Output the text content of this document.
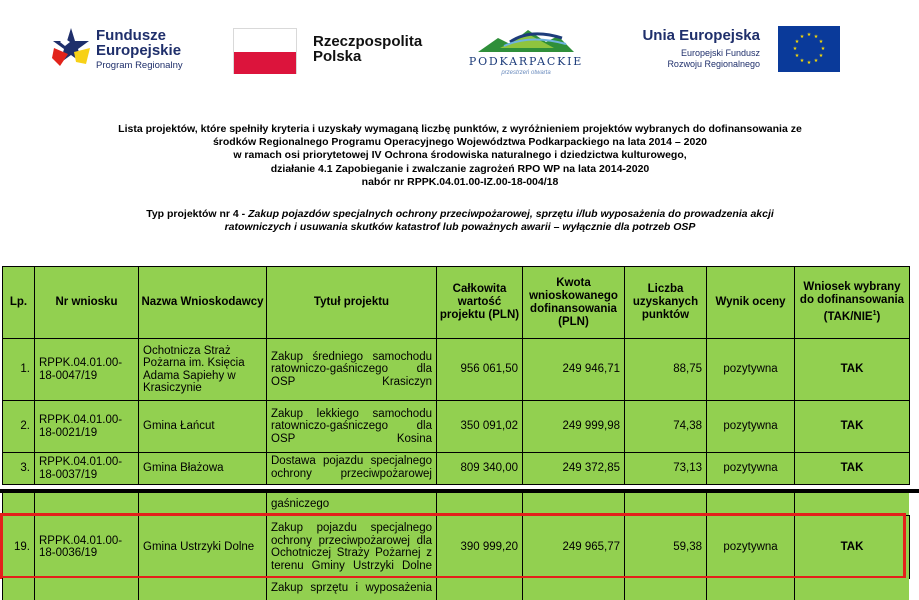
Fundusze
Europejskie
Program Regionalny
Rzeczpospolita
Polska	PODKARPACKIE
przestrzeń otwarta
Unia Europejska
Europejski Fundusz
Rozwoju Regionalnego
★ ★
★
★
★
★
★
★
★
★
★
★
Lista projektów, które spełniły kryteria i uzyskały wymaganą liczbę punktów, z wyróżnieniem projektów wybranych do dofinansowania ze
środków Regionalnego Programu Operacyjnego Województwa Podkarpackiego na lata 2014 – 2020
w ramach osi priorytetowej IV Ochrona środowiska naturalnego i dziedzictwa kulturowego,
działanie 4.1 Zapobieganie i zwalczanie zagrożeń RPO WP na lata 2014-2020
nabór nr RPPK.04.01.00-IZ.00-18-004/18
Typ projektów nr 4 - Zakup pojazdów specjalnych ochrony przeciwpożarowej, sprzętu i/lub wyposażenia do prowadzenia akcji
ratowniczych i usuwania skutków katastrof lub poważnych awarii – wyłącznie dla potrzeb OSP
Lp.	Nr wniosku	Nazwa Wnioskodawcy	Tytuł projektu	Całkowita wartość projektu (PLN)	Kwota wnioskowanego dofinansowania (PLN)	Liczba uzyskanych punktów	Wynik oceny	Wniosek wybrany do dofinansowania (TAK/NIE$^1$)
1.	RPPK.04.01.00-18-0047/19	Ochotnicza Straż Pożarna im. Księcia Adama Sapiehy w Krasiczynie	Zakup średniego samochodu ratowniczo-gaśniczego dla OSP Krasiczyn	956 061,50	249 946,71	88,75	pozytywna	TAK
2.	RPPK.04.01.00-18-0021/19	Gmina Łańcut	Zakup lekkiego samochodu ratowniczo-gaśniczego dla OSP Kosina	350 091,02	249 999,98	74,38	pozytywna	TAK
3.	RPPK.04.01.00-18-0037/19	Gmina Błażowa	Dostawa pojazdu specjalnego ochrony przeciwpożarowej	809 340,00	249 372,85	73,13	pozytywna	TAK
			gaśniczego					
19.	RPPK.04.01.00-18-0036/19	Gmina Ustrzyki Dolne	Zakup pojazdu specjalnego ochrony przeciwpożarowej dla Ochotniczej Straży Pożarnej z terenu Gminy Ustrzyki Dolne	390 999,20	249 965,77	59,38	pozytywna	TAK
			Zakup sprzętu i wyposażenia					
